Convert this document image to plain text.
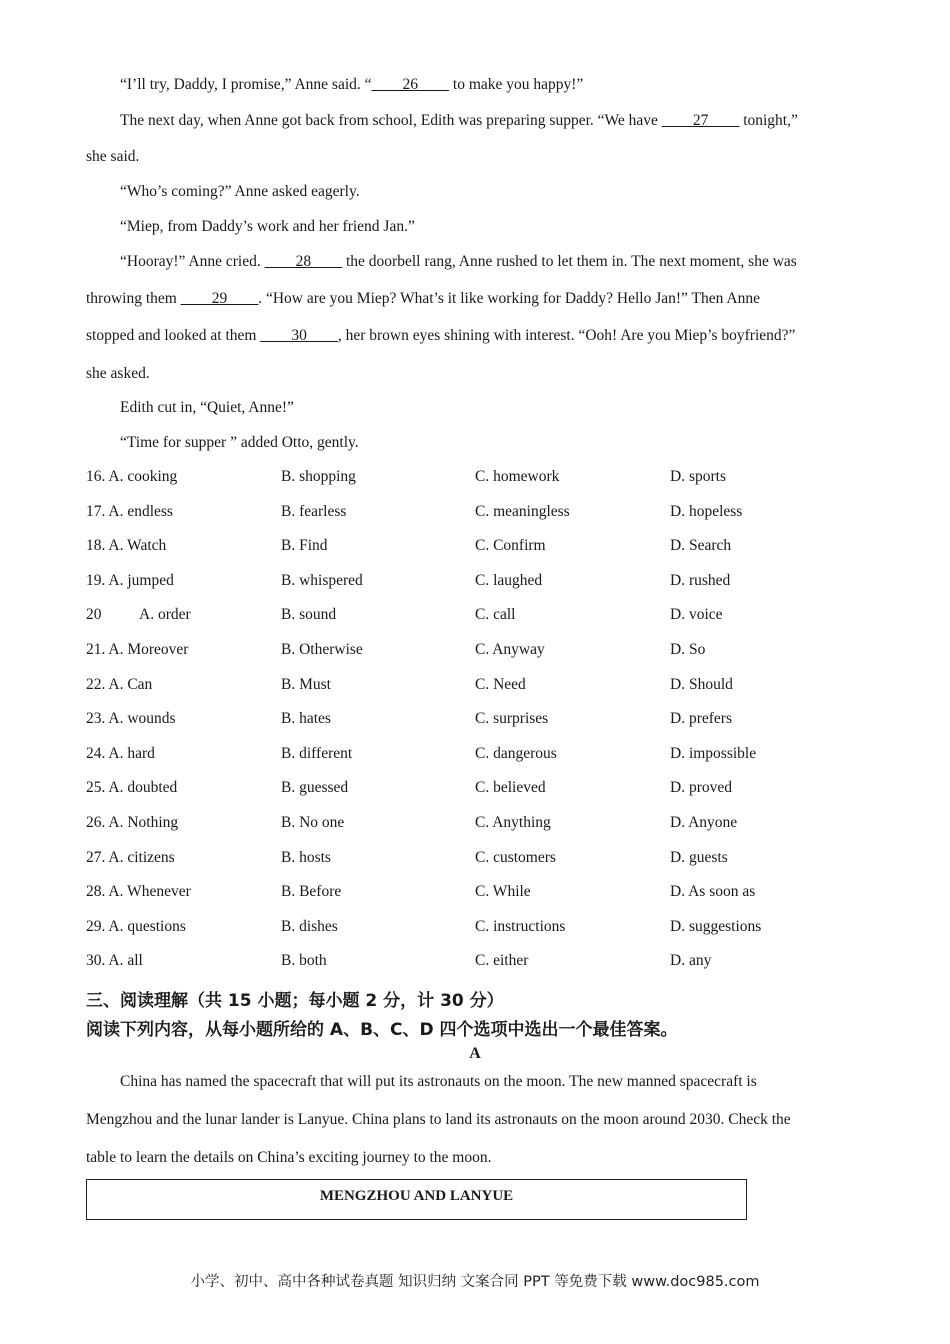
“I’ll try, Daddy, I promise,” Anne said. “____26____ to make you happy!”
The next day, when Anne got back from school, Edith was preparing supper. “We have ____27____ tonight,”
she said.
“Who’s coming?” Anne asked eagerly.
“Miep, from Daddy’s work and her friend Jan.”
“Hooray!” Anne cried. ____28____ the doorbell rang, Anne rushed to let them in. The next moment, she was
throwing them ____29____. “How are you Miep? What’s it like working for Daddy? Hello Jan!” Then Anne
stopped and looked at them ____30____, her brown eyes shining with interest. “Ooh! Are you Miep’s boyfriend?”
she asked.
Edith cut in, “Quiet, Anne!”
“Time for supper ” added Otto, gently.
16. A. cooking	B. shopping	C. homework	D. sports
17. A. endless	B. fearless	C. meaningless	D. hopeless
18. A. Watch	B. Find	C. Confirm	D. Search
19. A. jumped	B. whispered	C. laughed	D. rushed
20 A. order	B. sound	C. call	D. voice
21. A. Moreover	B. Otherwise	C. Anyway	D. So
22. A. Can	B. Must	C. Need	D. Should
23. A. wounds	B. hates	C. surprises	D. prefers
24. A. hard	B. different	C. dangerous	D. impossible
25. A. doubted	B. guessed	C. believed	D. proved
26. A. Nothing	B. No one	C. Anything	D. Anyone
27. A. citizens	B. hosts	C. customers	D. guests
28. A. Whenever	B. Before	C. While	D. As soon as
29. A. questions	B. dishes	C. instructions	D. suggestions
30. A. all	B. both	C. either	D. any
三、阅读理解（共 15 小题；每小题 2 分，计 30 分）
阅读下列内容，从每小题所给的 A、B、C、D 四个选项中选出一个最佳答案。
A
China has named the spacecraft that will put its astronauts on the moon. The new manned spacecraft is
Mengzhou and the lunar lander is Lanyue. China plans to land its astronauts on the moon around 2030. Check the
table to learn the details on China’s exciting journey to the moon.
MENGZHOU AND LANYUE
小学、初中、高中各种试卷真题 知识归纳 文案合同 PPT 等免费下载 www.doc985.com
